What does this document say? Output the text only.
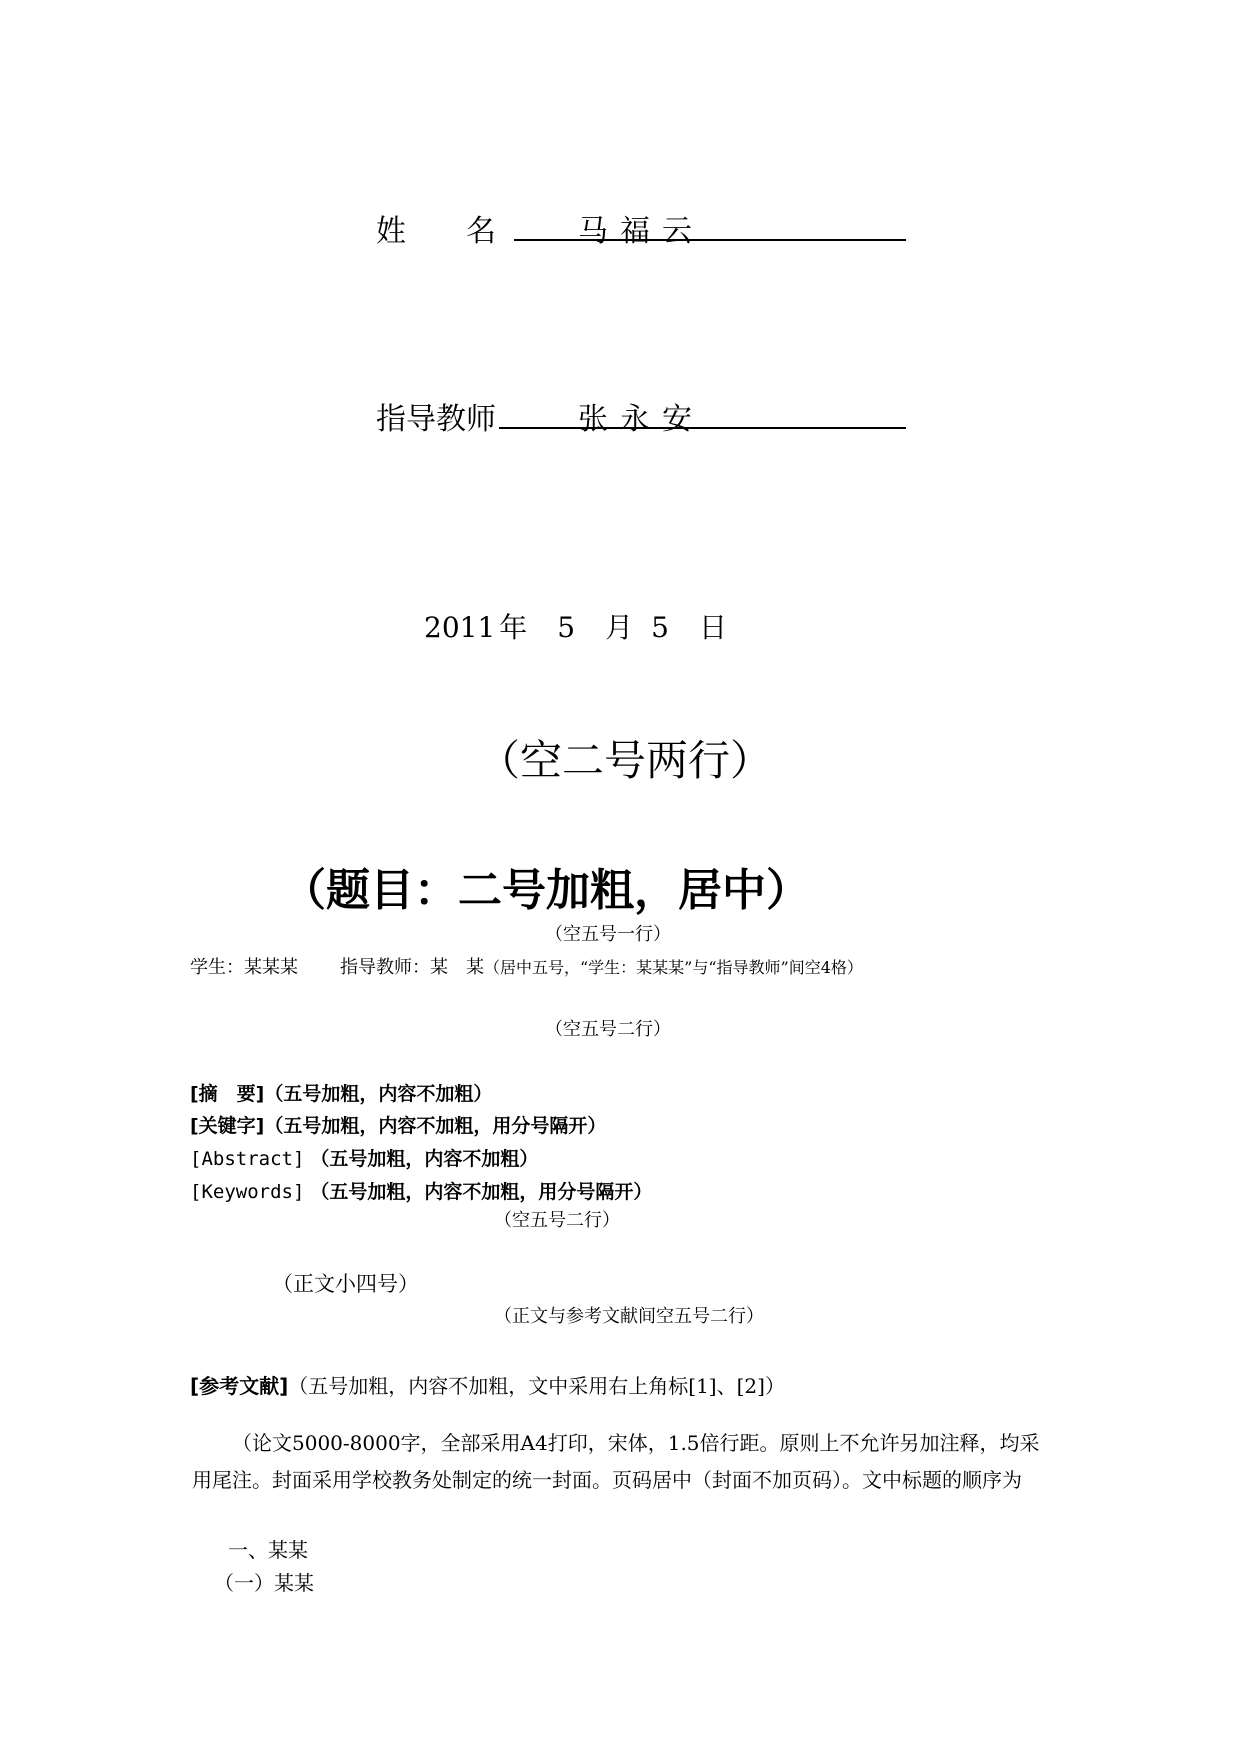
姓　　名	马福云
指导教师	张永安
2011 年 5 月 5 日
（空二号两行）
（题目：二号加粗，居中）
（空五号一行）
学生：某某某 指导教师：某　某（居中五号，“学生：某某某”与“指导教师”间空4格）
（空五号二行）
[摘　要]（五号加粗，内容不加粗）
[关键字]（五号加粗，内容不加粗，用分号隔开）
[Abstract] （五号加粗，内容不加粗）
[Keywords] （五号加粗，内容不加粗，用分号隔开）
（空五号二行）
（正文小四号）
（正文与参考文献间空五号二行）
[参考文献]（五号加粗，内容不加粗，文中采用右上角标[1]、[2]）
（论文5000-8000字，全部采用A4打印，宋体，1.5倍行距。原则上不允许另加注释，均采用尾注。封面采用学校教务处制定的统一封面。页码居中（封面不加页码）。文中标题的顺序为
一、某某
（一）某某
